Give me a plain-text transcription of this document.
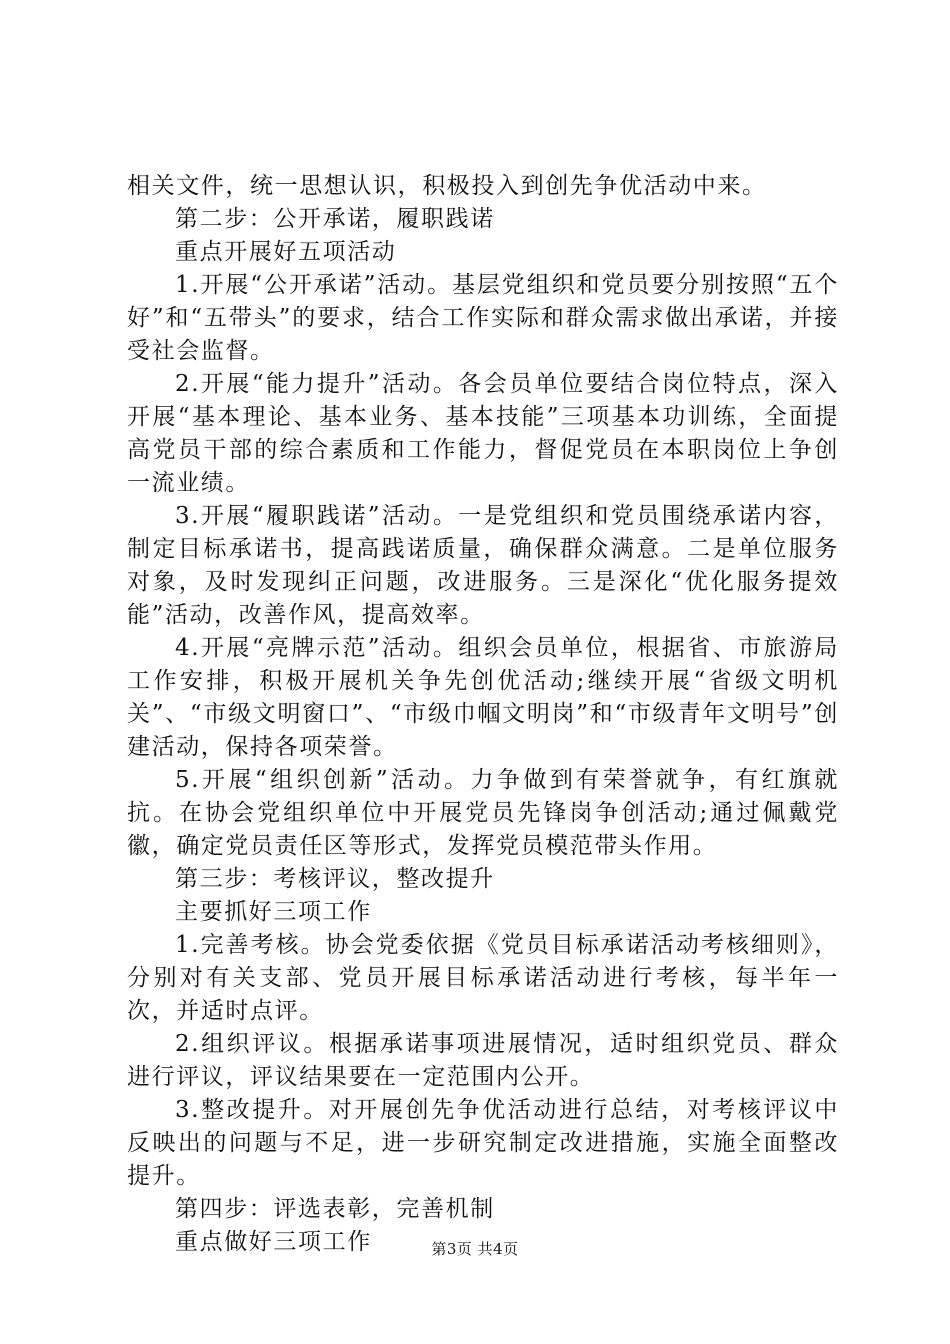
相关文件，统一思想认识，积极投入到创先争优活动中来。

第二步：公开承诺，履职践诺

重点开展好五项活动

1.开展“公开承诺”活动。基层党组织和党员要分别按照“五个好”和“五带头”的要求，结合工作实际和群众需求做出承诺，并接受社会监督。

2.开展“能力提升”活动。各会员单位要结合岗位特点，深入开展“基本理论、基本业务、基本技能”三项基本功训练，全面提高党员干部的综合素质和工作能力，督促党员在本职岗位上争创一流业绩。

3.开展“履职践诺”活动。一是党组织和党员围绕承诺内容，制定目标承诺书，提高践诺质量，确保群众满意。二是单位服务对象，及时发现纠正问题，改进服务。三是深化“优化服务提效能”活动，改善作风，提高效率。

4.开展“亮牌示范”活动。组织会员单位，根据省、市旅游局工作安排，积极开展机关争先创优活动;继续开展“省级文明机关”、“市级文明窗口”、“市级巾帼文明岗”和“市级青年文明号”创建活动，保持各项荣誉。

5.开展“组织创新”活动。力争做到有荣誉就争，有红旗就抗。在协会党组织单位中开展党员先锋岗争创活动;通过佩戴党徽，确定党员责任区等形式，发挥党员模范带头作用。

第三步：考核评议，整改提升

主要抓好三项工作

1.完善考核。协会党委依据《党员目标承诺活动考核细则》，分别对有关支部、党员开展目标承诺活动进行考核，每半年一次，并适时点评。

2.组织评议。根据承诺事项进展情况，适时组织党员、群众进行评议，评议结果要在一定范围内公开。

3.整改提升。对开展创先争优活动进行总结，对考核评议中反映出的问题与不足，进一步研究制定改进措施，实施全面整改提升。

第四步：评选表彰，完善机制

重点做好三项工作	第3页 共4页
